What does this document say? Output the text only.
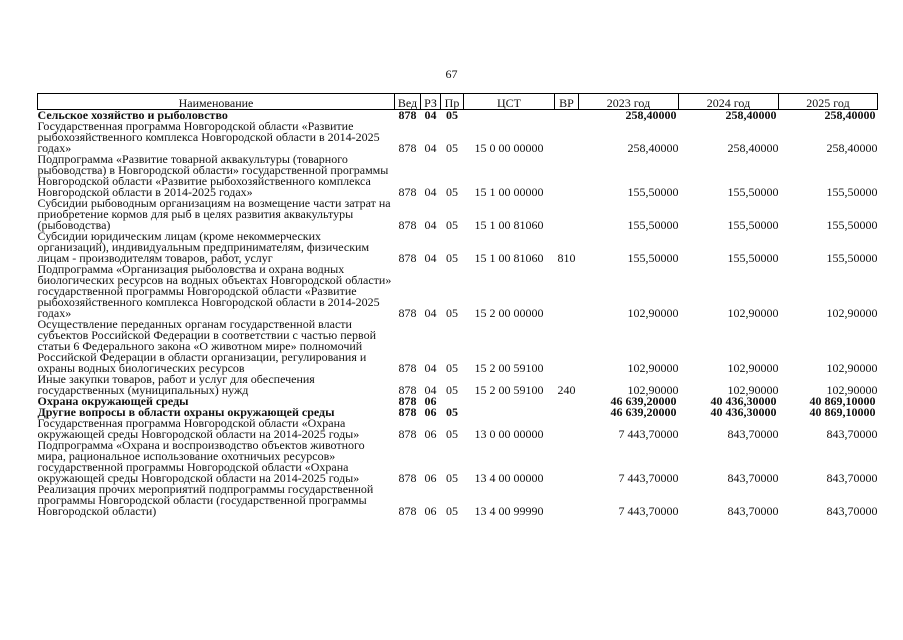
67
Наименование	Вед	РЗ	Пр	ЦСТ	ВР	2023 год	2024 год	2025 год
Сельское хозяйство и рыболовство	878	04	05			258,40000	258,40000	258,40000
Государственная программа Новгородской области «Развитие рыбохозяйственного комплекса Новгородской области в 2014-2025 годах»	878	04	05	15 0 00 00000		258,40000	258,40000	258,40000
Подпрограмма «Развитие товарной аквакультуры (товарного рыбоводства) в Новгородской области» государственной программы Новгородской области «Развитие рыбохозяйственного комплекса Новгородской области в 2014-2025 годах»	878	04	05	15 1 00 00000		155,50000	155,50000	155,50000
Субсидии рыбоводным организациям на возмещение части затрат на приобретение кормов для рыб в целях развития аквакультуры (рыбоводства)	878	04	05	15 1 00 81060		155,50000	155,50000	155,50000
Субсидии юридическим лицам (кроме некоммерческих организаций), индивидуальным предпринимателям, физическим лицам - производителям товаров, работ, услуг	878	04	05	15 1 00 81060	810	155,50000	155,50000	155,50000
Подпрограмма «Организация рыболовства и охрана водных биологических ресурсов на водных объектах Новгородской области» государственной программы Новгородской области «Развитие рыбохозяйственного комплекса Новгородской области в 2014-2025 годах»	878	04	05	15 2 00 00000		102,90000	102,90000	102,90000
Осуществление переданных органам государственной власти субъектов Российской Федерации в соответствии с частью первой статьи 6 Федерального закона «О животном мире» полномочий Российской Федерации в области организации, регулирования и охраны водных биологических ресурсов	878	04	05	15 2 00 59100		102,90000	102,90000	102,90000
Иные закупки товаров, работ и услуг для обеспечения государственных (муниципальных) нужд	878	04	05	15 2 00 59100	240	102,90000	102,90000	102,90000
Охрана окружающей среды	878	06				46 639,20000	40 436,30000	40 869,10000
Другие вопросы в области охраны окружающей среды	878	06	05			46 639,20000	40 436,30000	40 869,10000
Государственная программа Новгородской области «Охрана окружающей среды Новгородской области на 2014-2025 годы»	878	06	05	13 0 00 00000		7 443,70000	843,70000	843,70000
Подпрограмма «Охрана и воспроизводство объектов животного мира, рациональное использование охотничьих ресурсов» государственной программы Новгородской области «Охрана окружающей среды Новгородской области на 2014-2025 годы»	878	06	05	13 4 00 00000		7 443,70000	843,70000	843,70000
Реализация прочих мероприятий подпрограммы государственной программы Новгородской области (государственной программы Новгородской области)	878	06	05	13 4 00 99990		7 443,70000	843,70000	843,70000
